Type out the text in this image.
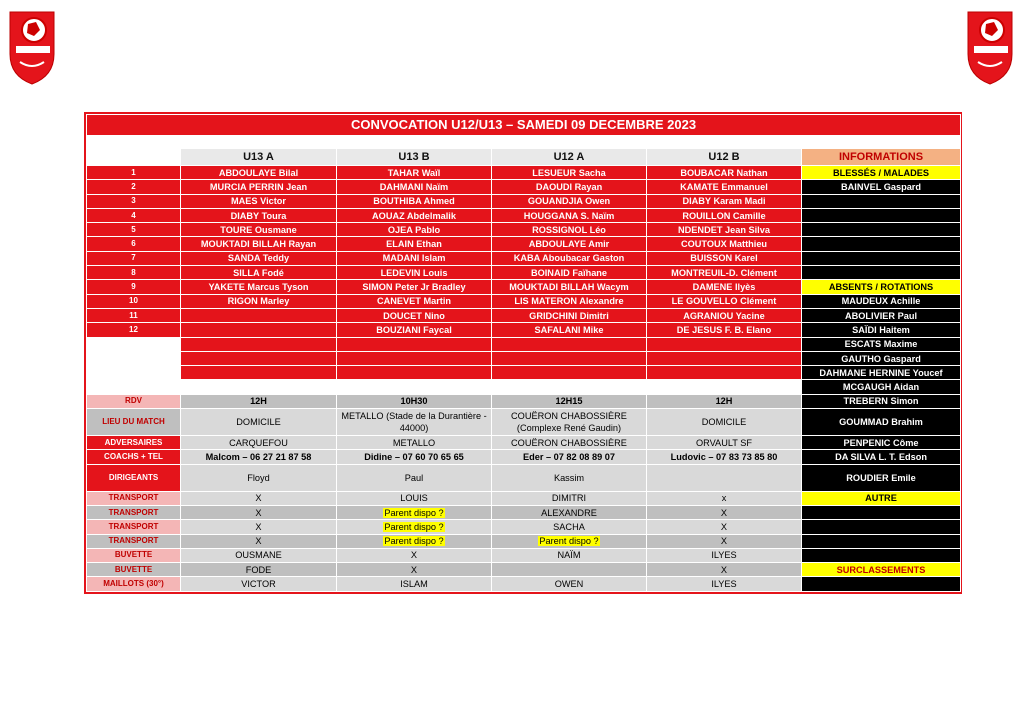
CONVOCATION U12/U13 – SAMEDI 09 DECEMBRE 2023					

	U13 A	U13 B	U12 A	U12 B	INFORMATIONS
1	ABDOULAYE Bilal	TAHAR Waïl	LESUEUR Sacha	BOUBACAR Nathan	BLESSÉS / MALADES
2	MURCIA PERRIN Jean	DAHMANI Naïm	DAOUDI Rayan	KAMATE Emmanuel	BAINVEL Gaspard
3	MAES Victor	BOUTHIBA Ahmed	GOUANDJIA Owen	DIABY Karam Madi	
4	DIABY Toura	AOUAZ Abdelmalik	HOUGGANA S. Naïm	ROUILLON Camille	
5	TOURE Ousmane	OJEA Pablo	ROSSIGNOL Léo	NDENDET Jean Silva	
6	MOUKTADI BILLAH Rayan	ELAIN Ethan	ABDOULAYE Amir	COUTOUX Matthieu	
7	SANDA Teddy	MADANI Islam	KABA Aboubacar Gaston	BUISSON Karel	
8	SILLA Fodé	LEDEVIN Louis	BOINAID Faïhane	MONTREUIL-D. Clément	
9	YAKETE Marcus Tyson	SIMON Peter Jr Bradley	MOUKTADI BILLAH Wacym	DAMENE Ilyès	ABSENTS / ROTATIONS
10	RIGON Marley	CANEVET Martin	LIS MATERON Alexandre	LE GOUVELLO Clément	MAUDEUX Achille
11		DOUCET Nino	GRIDCHINI Dimitri	AGRANIOU Yacine	ABOLIVIER Paul
12		BOUZIANI Faycal	SAFALANI Mike	DE JESUS F. B. Elano	SAÏDI Haitem
					ESCATS Maxime
					GAUTHO Gaspard
					DAHMANE HERNINE Youcef
					MCGAUGH Aidan
RDV	12H	10H30	12H15	12H	TREBERN Simon
LIEU DU MATCH	DOMICILE	METALLO (Stade de la Durantière - 44000)	COUËRON CHABOSSIÈRE (Complexe René Gaudin)	DOMICILE	GOUMMAD Brahim
ADVERSAIRES	CARQUEFOU	METALLO	COUËRON CHABOSSIÈRE	ORVAULT SF	PENPENIC Côme
COACHS + TEL	Malcom – 06 27 21 87 58	Didine – 07 60 70 65 65	Eder – 07 82 08 89 07	Ludovic – 07 83 73 85 80	DA SILVA L. T. Edson
DIRIGEANTS	Floyd	Paul	Kassim		ROUDIER Emile
TRANSPORT	X	LOUIS	DIMITRI	x	AUTRE
TRANSPORT	X	Parent dispo ?	ALEXANDRE	X	
TRANSPORT	X	Parent dispo ?	SACHA	X	
TRANSPORT	X	Parent dispo ?	Parent dispo ?	X	
BUVETTE	OUSMANE	X	NAÏM	ILYES	
BUVETTE	FODE	X		X	SURCLASSEMENTS
MAILLOTS (30°)	VICTOR	ISLAM	OWEN	ILYES	
